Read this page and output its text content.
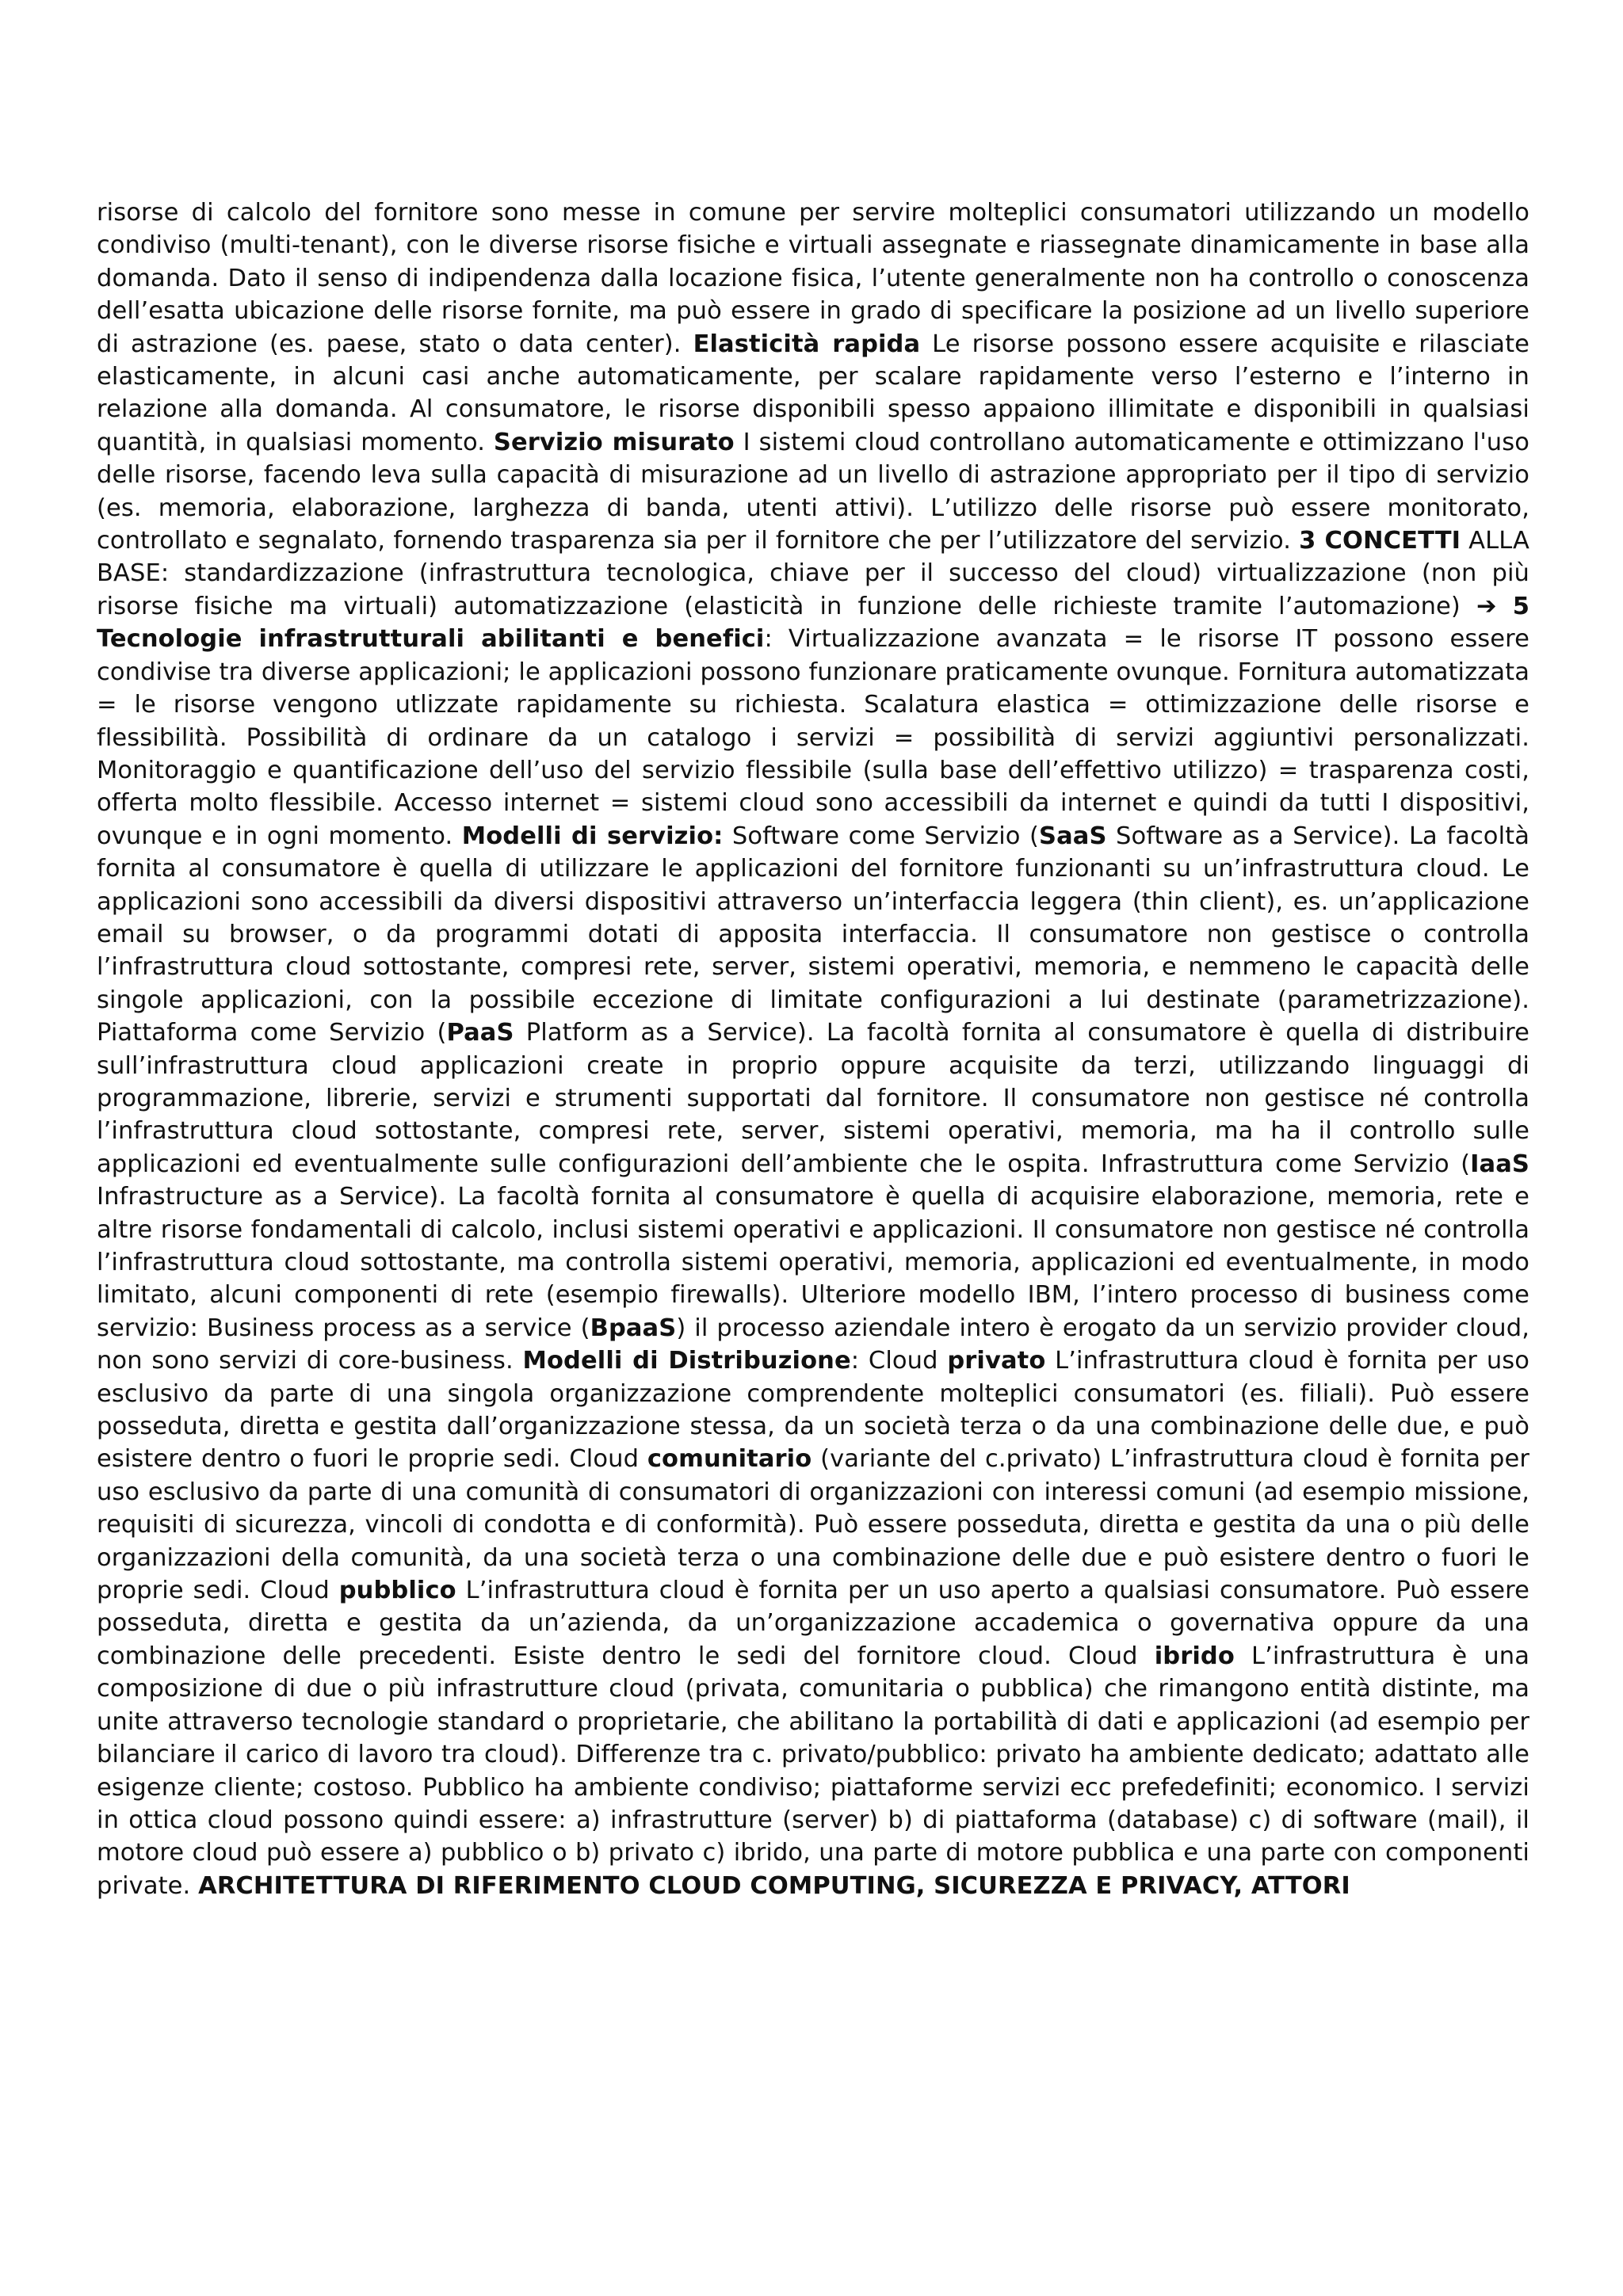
risorse di calcolo del fornitore sono messe in comune per servire molteplici consumatori utilizzando un modello condiviso (multi-tenant), con le diverse risorse fisiche e virtuali assegnate e riassegnate dinamicamente in base alla domanda. Dato il senso di indipendenza dalla locazione fisica, l’utente generalmente non ha controllo o conoscenza dell’esatta ubicazione delle risorse fornite, ma può essere in grado di specificare la posizione ad un livello superiore di astrazione (es. paese, stato o data center). Elasticità rapida Le risorse possono essere acquisite e rilasciate elasticamente, in alcuni casi anche automaticamente, per scalare rapidamente verso l’esterno e l’interno in relazione alla domanda. Al consumatore, le risorse disponibili spesso appaiono illimitate e disponibili in qualsiasi quantità, in qualsiasi momento. Servizio misurato I sistemi cloud controllano automaticamente e ottimizzano l'uso delle risorse, facendo leva sulla capacità di misurazione ad un livello di astrazione appropriato per il tipo di servizio (es. memoria, elaborazione, larghezza di banda, utenti attivi). L’utilizzo delle risorse può essere monitorato, controllato e segnalato, fornendo trasparenza sia per il fornitore che per l’utilizzatore del servizio. 3 CONCETTI ALLA BASE: standardizzazione (infrastruttura tecnologica, chiave per il successo del cloud) virtualizzazione (non più risorse fisiche ma virtuali) automatizzazione (elasticità in funzione delle richieste tramite l’automazione) ➔ 5 Tecnologie infrastrutturali abilitanti e benefici: Virtualizzazione avanzata = le risorse IT possono essere condivise tra diverse applicazioni; le applicazioni possono funzionare praticamente ovunque. Fornitura automatizzata = le risorse vengono utlizzate rapidamente su richiesta. Scalatura elastica = ottimizzazione delle risorse e flessibilità. Possibilità di ordinare da un catalogo i servizi = possibilità di servizi aggiuntivi personalizzati. Monitoraggio e quantificazione dell’uso del servizio flessibile (sulla base dell’effettivo utilizzo) = trasparenza costi, offerta molto flessibile. Accesso internet = sistemi cloud sono accessibili da internet e quindi da tutti I dispositivi, ovunque e in ogni momento. Modelli di servizio: Software come Servizio (SaaS Software as a Service). La facoltà fornita al consumatore è quella di utilizzare le applicazioni del fornitore funzionanti su un’infrastruttura cloud. Le applicazioni sono accessibili da diversi dispositivi attraverso un’interfaccia leggera (thin client), es. un’applicazione email su browser, o da programmi dotati di apposita interfaccia. Il consumatore non gestisce o controlla l’infrastruttura cloud sottostante, compresi rete, server, sistemi operativi, memoria, e nemmeno le capacità delle singole applicazioni, con la possibile eccezione di limitate configurazioni a lui destinate (parametrizzazione). Piattaforma come Servizio (PaaS Platform as a Service). La facoltà fornita al consumatore è quella di distribuire sull’infrastruttura cloud applicazioni create in proprio oppure acquisite da terzi, utilizzando linguaggi di programmazione, librerie, servizi e strumenti supportati dal fornitore. Il consumatore non gestisce né controlla l’infrastruttura cloud sottostante, compresi rete, server, sistemi operativi, memoria, ma ha il controllo sulle applicazioni ed eventualmente sulle configurazioni dell’ambiente che le ospita. Infrastruttura come Servizio (IaaS Infrastructure as a Service). La facoltà fornita al consumatore è quella di acquisire elaborazione, memoria, rete e altre risorse fondamentali di calcolo, inclusi sistemi operativi e applicazioni. Il consumatore non gestisce né controlla l’infrastruttura cloud sottostante, ma controlla sistemi operativi, memoria, applicazioni ed eventualmente, in modo limitato, alcuni componenti di rete (esempio firewalls). Ulteriore modello IBM, l’intero processo di business come servizio: Business process as a service (BpaaS) il processo aziendale intero è erogato da un servizio provider cloud, non sono servizi di core-business. Modelli di Distribuzione: Cloud privato L’infrastruttura cloud è fornita per uso esclusivo da parte di una singola organizzazione comprendente molteplici consumatori (es. filiali). Può essere posseduta, diretta e gestita dall’organizzazione stessa, da un società terza o da una combinazione delle due, e può esistere dentro o fuori le proprie sedi. Cloud comunitario (variante del c.privato) L’infrastruttura cloud è fornita per uso esclusivo da parte di una comunità di consumatori di organizzazioni con interessi comuni (ad esempio missione, requisiti di sicurezza, vincoli di condotta e di conformità). Può essere posseduta, diretta e gestita da una o più delle organizzazioni della comunità, da una società terza o una combinazione delle due e può esistere dentro o fuori le proprie sedi. Cloud pubblico L’infrastruttura cloud è fornita per un uso aperto a qualsiasi consumatore. Può essere posseduta, diretta e gestita da un’azienda, da un’organizzazione accademica o governativa oppure da una combinazione delle precedenti. Esiste dentro le sedi del fornitore cloud. Cloud ibrido L’infrastruttura è una composizione di due o più infrastrutture cloud (privata, comunitaria o pubblica) che rimangono entità distinte, ma unite attraverso tecnologie standard o proprietarie, che abilitano la portabilità di dati e applicazioni (ad esempio per bilanciare il carico di lavoro tra cloud). Differenze tra c. privato/pubblico: privato ha ambiente dedicato; adattato alle esigenze cliente; costoso. Pubblico ha ambiente condiviso; piattaforme servizi ecc prefedefiniti; economico. I servizi in ottica cloud possono quindi essere: a) infrastrutture (server) b) di piattaforma (database) c) di software (mail), il motore cloud può essere a) pubblico o b) privato c) ibrido, una parte di motore pubblica e una parte con componenti private. ARCHITETTURA DI RIFERIMENTO CLOUD COMPUTING, SICUREZZA E PRIVACY, ATTORI
